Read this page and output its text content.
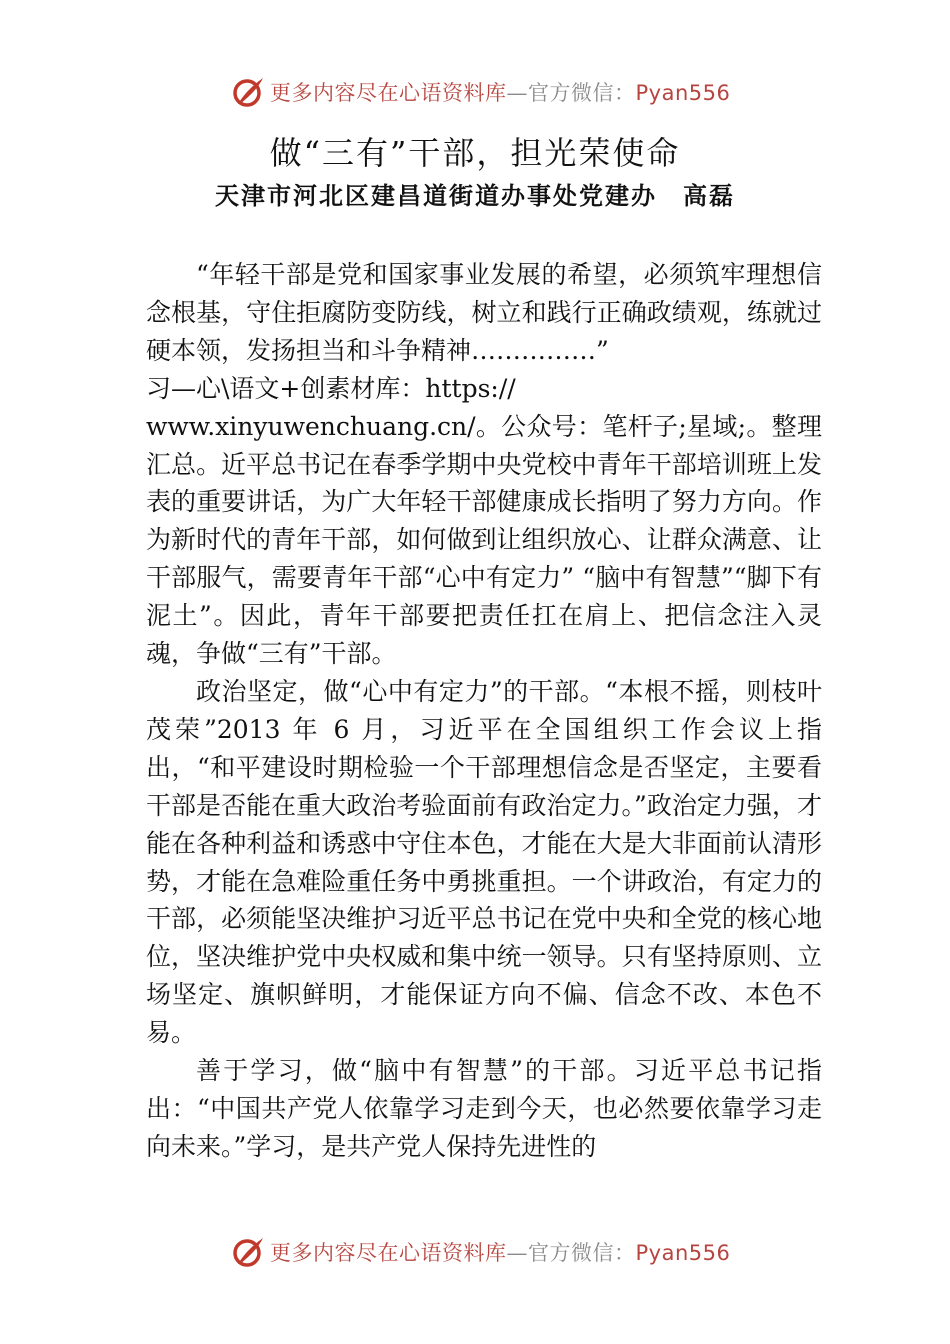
更多内容尽在心语资料库—官方微信：Pyan556
做“三有”干部，担光荣使命
天津市河北区建昌道街道办事处党建办　高磊

“年轻干部是党和国家事业发展的希望，必须筑牢理想信念根基，守住拒腐防变防线，树立和践行正确政绩观，练就过硬本领，发扬担当和斗争精神……………”

习—心\语文+创素材库：https://

www.xinyuwenchuang.cn/。公众号：笔杆子;星域;。整理汇总。近平总书记在春季学期中央党校中青年干部培训班上发表的重要讲话，为广大年轻干部健康成长指明了努力方向。作为新时代的青年干部，如何做到让组织放心、让群众满意、让干部服气，需要青年干部“心中有定力” “脑中有智慧”“脚下有泥土”。因此，青年干部要把责任扛在肩上、把信念注入灵魂，争做“三有”干部。

政治坚定，做“心中有定力”的干部。“本根不摇，则枝叶茂荣”2013 年 6 月，习近平在全国组织工作会议上指出，“和平建设时期检验一个干部理想信念是否坚定，主要看干部是否能在重大政治考验面前有政治定力。”政治定力强，才能在各种利益和诱惑中守住本色，才能在大是大非面前认清形势，才能在急难险重任务中勇挑重担。一个讲政治，有定力的干部，必须能坚决维护习近平总书记在党中央和全党的核心地位，坚决维护党中央权威和集中统一领导。只有坚持原则、立场坚定、旗帜鲜明，才能保证方向不偏、信念不改、本色不易。

善于学习，做“脑中有智慧”的干部。习近平总书记指出：“中国共产党人依靠学习走到今天，也必然要依靠学习走向未来。”学习，是共产党人保持先进性的

更多内容尽在心语资料库—官方微信：Pyan556
